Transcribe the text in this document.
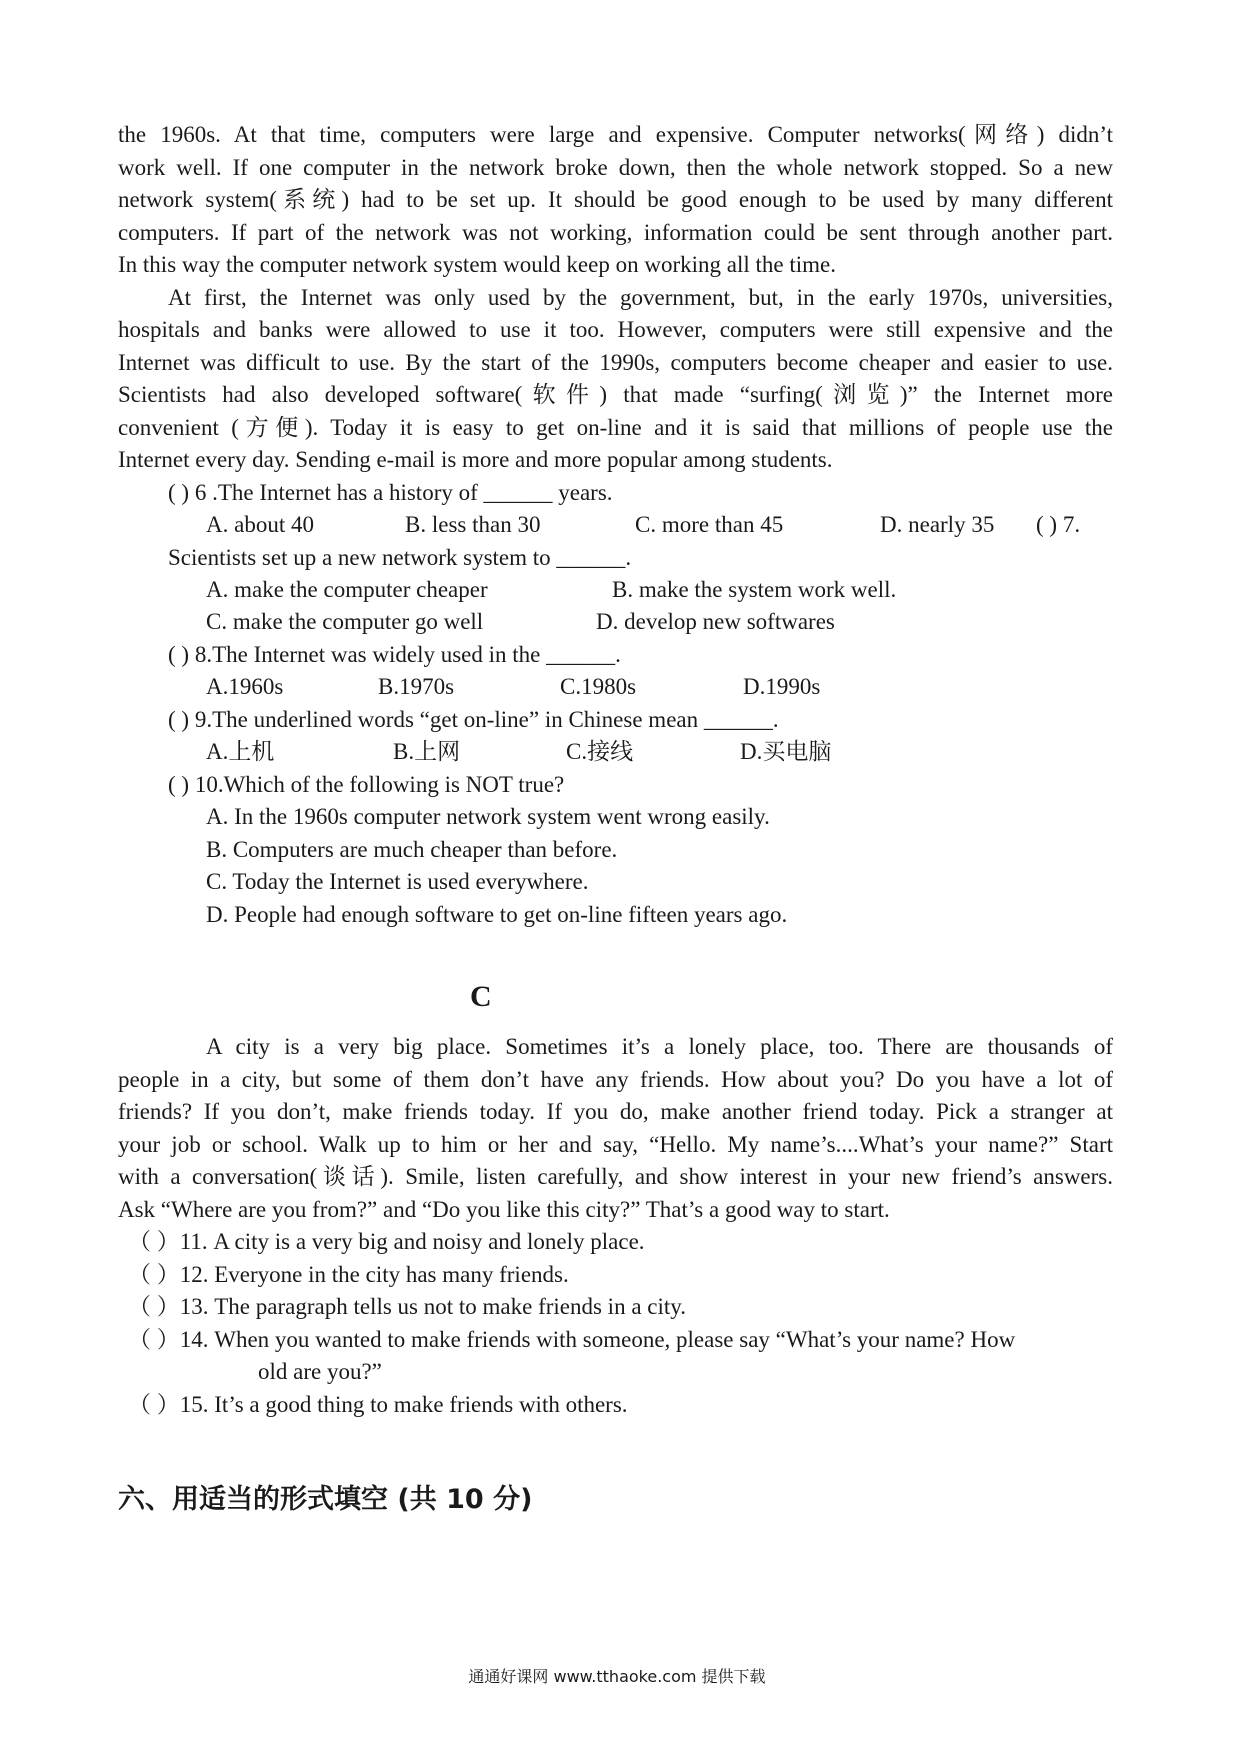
the 1960s. At that time, computers were large and expensive. Computer networks(网络) didn’t
work well. If one computer in the network broke down, then the whole network stopped. So a new
network system(系统) had to be set up. It should be good enough to be used by many different
computers. If part of the network was not working, information could be sent through another part.
In this way the computer network system would keep on working all the time.
At first, the Internet was only used by the government, but, in the early 1970s, universities,
hospitals and banks were allowed to use it too. However, computers were still expensive and the
Internet was difficult to use. By the start of the 1990s, computers become cheaper and easier to use.
Scientists had also developed software(软件) that made “surfing(浏览)” the Internet more
convenient (方便). Today it is easy to get on-line and it is said that millions of people use the
Internet every day. Sending e-mail is more and more popular among students.
( ) 6 .The Internet has a history of ______ years.
A. about 40	B. less than 30	C. more than 45	D. nearly 35 ( ) 7.
Scientists set up a new network system to ______.
A. make the computer cheaper	B. make the system work well.
C. make the computer go well	D. develop new softwares
( ) 8.The Internet was widely used in the ______.
A.1960s	B.1970s	C.1980s	D.1990s
( ) 9.The underlined words “get on-line” in Chinese mean ______.
A.上机	B.上网	C.接线	D.买电脑
( ) 10.Which of the following is NOT true?
A. In the 1960s computer network system went wrong easily.
B. Computers are much cheaper than before.
C. Today the Internet is used everywhere.
D. People had enough software to get on-line fifteen years ago.
C
A city is a very big place. Sometimes it’s a lonely place, too. There are thousands of
people in a city, but some of them don’t have any friends. How about you? Do you have a lot of
friends? If you don’t, make friends today. If you do, make another friend today. Pick a stranger at
your job or school. Walk up to him or her and say, “Hello. My name’s....What’s your name?” Start
with a conversation(谈话). Smile, listen carefully, and show interest in your new friend’s answers.
Ask “Where are you from?” and “Do you like this city?” That’s a good way to start.
（ ）11. A city is a very big and noisy and lonely place.
（ ）12. Everyone in the city has many friends.
（ ）13. The paragraph tells us not to make friends in a city.
（ ）14. When you wanted to make friends with someone, please say “What’s your name? How
old are you?”
（ ）15. It’s a good thing to make friends with others.
六、用适当的形式填空 (共 10 分)
通通好课网 www.tthaoke.com 提供下载
